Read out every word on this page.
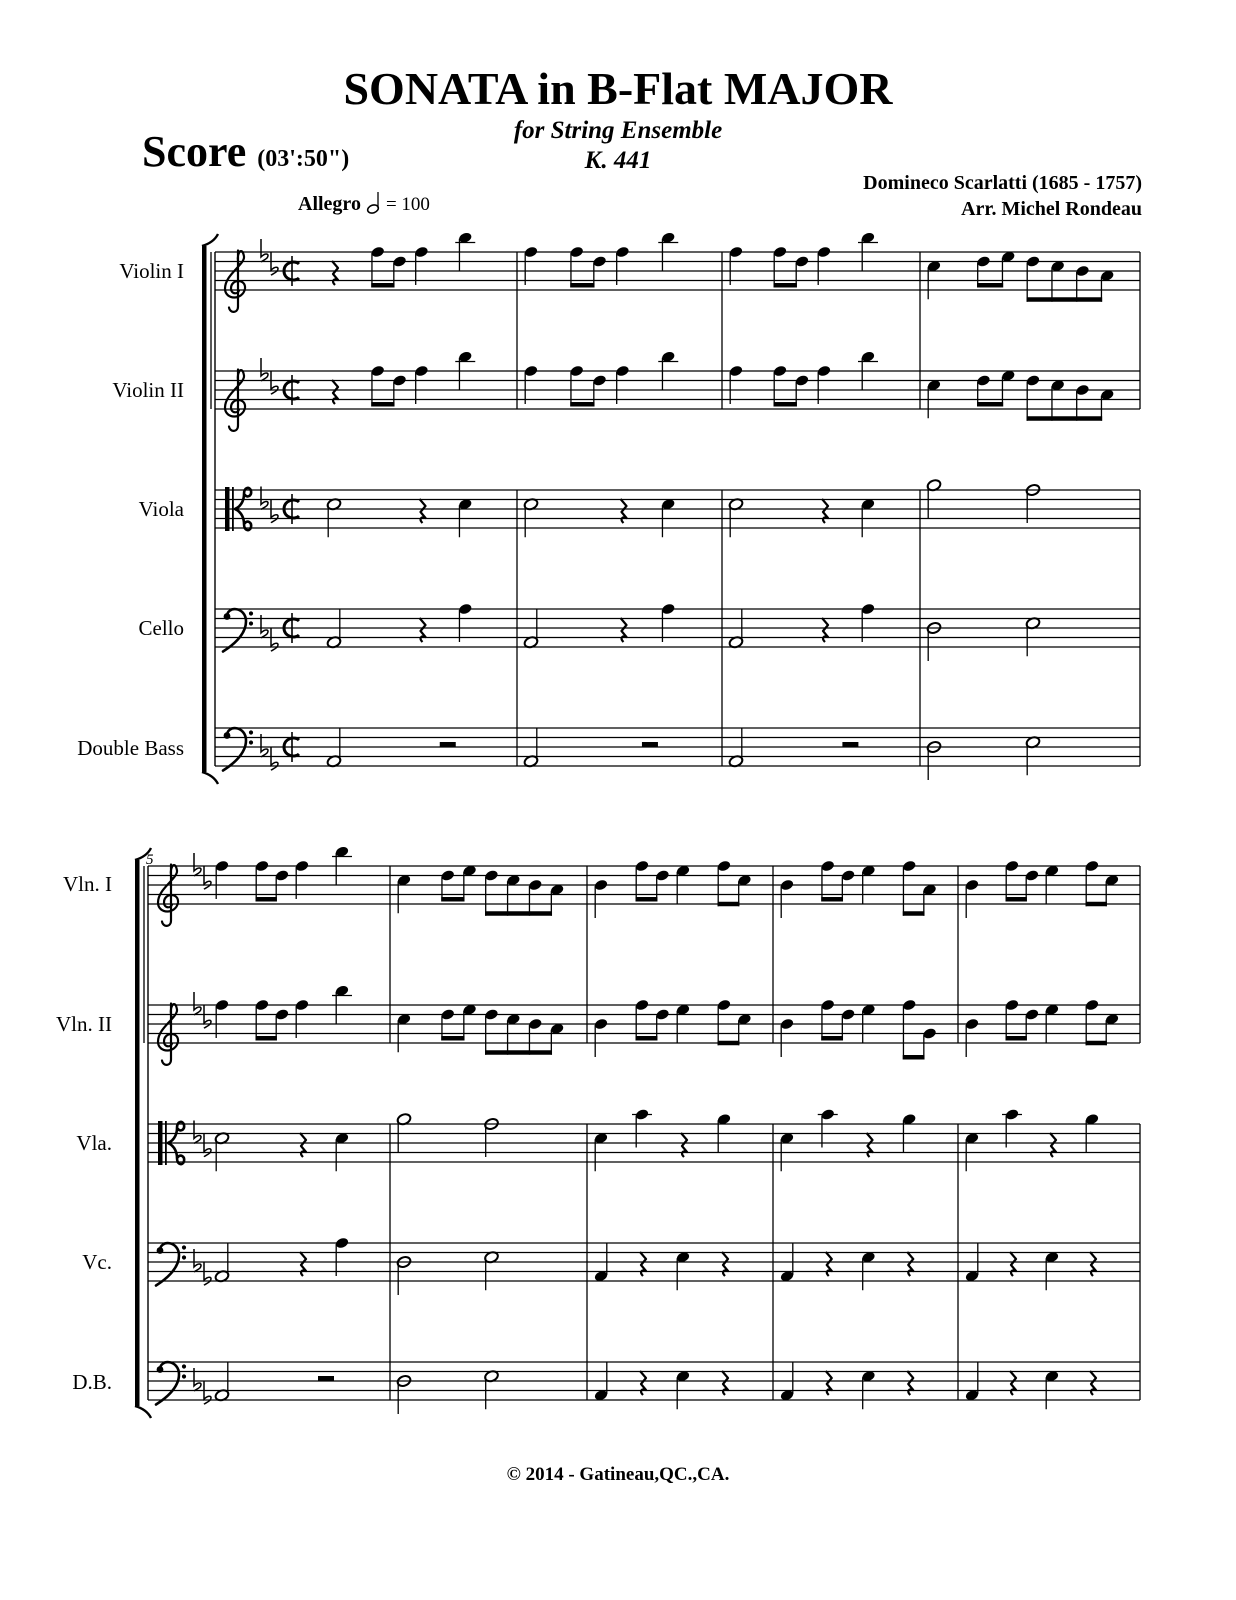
SONATA in B-Flat MAJOR
Score (03':50")
for String Ensemble
K. 441
Domineco Scarlatti (1685 - 1757)
Arr. Michel Rondeau
Allegro = 100
Violin I
Violin II
Viola
Cello
Double Bass
Vln. I
Vln. II
Vla.
Vc.
D.B.
5
© 2014 - Gatineau,QC.,CA.
